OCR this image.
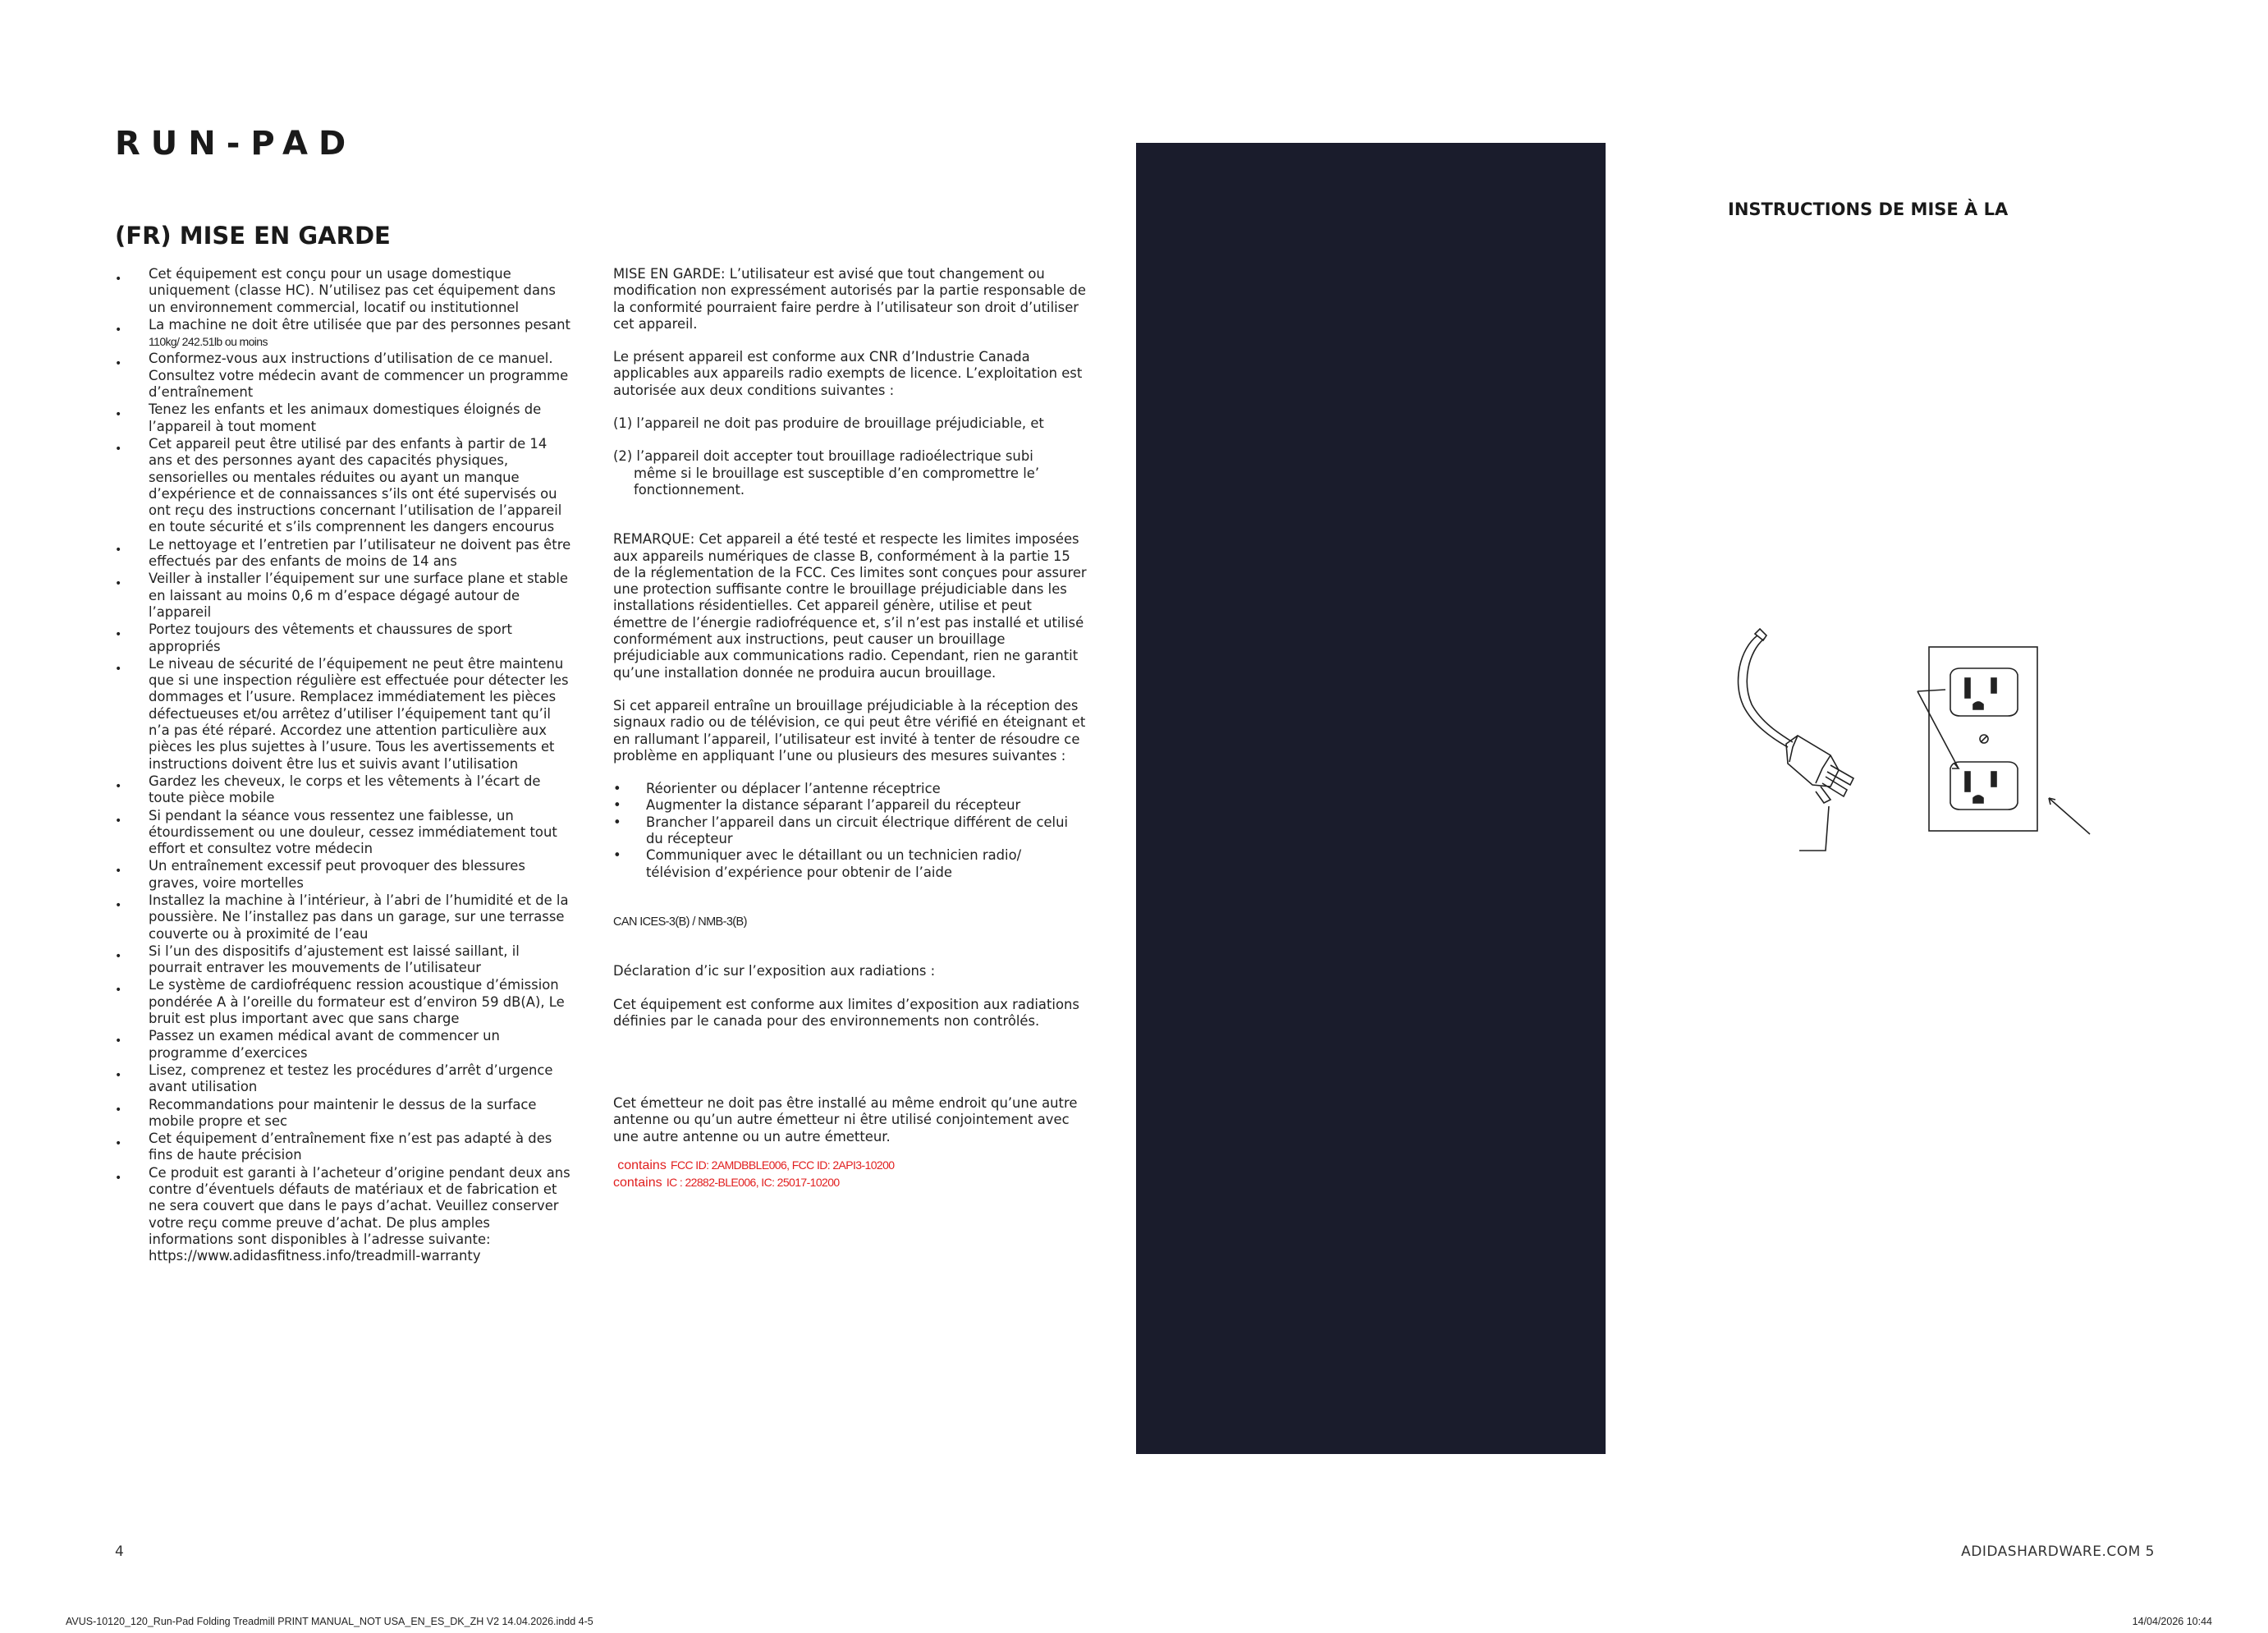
RUN-PAD
(FR) MISE EN GARDE
• Cet équipement est conçu pour un usage domestique uniquement (classe HC). N’utilisez pas cet équipement dans un environnement commercial, locatif ou institutionnel
• La machine ne doit être utilisée que par des personnes pesant
110kg/ 242.51lb ou moins
• Conformez-vous aux instructions d’utilisation de ce manuel. Consultez votre médecin avant de commencer un programme d’entraînement
• Tenez les enfants et les animaux domestiques éloignés de l’appareil à tout moment
• Cet appareil peut être utilisé par des enfants à partir de 14 ans et des personnes ayant des capacités physiques, sensorielles ou mentales réduites ou ayant un manque d’expérience et de connaissances s’ils ont été supervisés ou ont reçu des instructions concernant l’utilisation de l’appareil en toute sécurité et s’ils comprennent les dangers encourus
• Le nettoyage et l’entretien par l’utilisateur ne doivent pas être effectués par des enfants de moins de 14 ans
• Veiller à installer l’équipement sur une surface plane et stable en laissant au moins 0,6 m d’espace dégagé autour de l’appareil
• Portez toujours des vêtements et chaussures de sport appropriés
• Le niveau de sécurité de l’équipement ne peut être maintenu que si une inspection régulière est effectuée pour détecter les dommages et l’usure. Remplacez immédiatement les pièces défectueuses et/ou arrêtez d’utiliser l’équipement tant qu’il n’a pas été réparé. Accordez une attention particulière aux pièces les plus sujettes à l’usure. Tous les avertissements et instructions doivent être lus et suivis avant l’utilisation
• Gardez les cheveux, le corps et les vêtements à l’écart de toute pièce mobile
• Si pendant la séance vous ressentez une faiblesse, un étourdissement ou une douleur, cessez immédiatement tout effort et consultez votre médecin
• Un entraînement excessif peut provoquer des blessures graves, voire mortelles
• Installez la machine à l’intérieur, à l’abri de l’humidité et de la poussière. Ne l’installez pas dans un garage, sur une terrasse couverte ou à proximité de l’eau
• Si l’un des dispositifs d’ajustement est laissé saillant, il pourrait entraver les mouvements de l’utilisateur
• Le système de cardiofréquenc ression acoustique d’émission pondérée A à l’oreille du formateur est d’environ 59 dB(A), Le bruit est plus important avec que sans charge
• Passez un examen médical avant de commencer un programme d’exercices
• Lisez, comprenez et testez les procédures d’arrêt d’urgence avant utilisation
• Recommandations pour maintenir le dessus de la surface mobile propre et sec
• Cet équipement d’entraînement fixe n’est pas adapté à des fins de haute précision
• Ce produit est garanti à l’acheteur d’origine pendant deux ans contre d’éventuels défauts de matériaux et de fabrication et ne sera couvert que dans le pays d’achat. Veuillez conserver votre reçu comme preuve d’achat. De plus amples informations sont disponibles à l’adresse suivante: https://www.adidasfitness.info/treadmill-warranty

MISE EN GARDE: L’utilisateur est avisé que tout changement ou modification non expressément autorisés par la partie responsable de la conformité pourraient faire perdre à l’utilisateur son droit d’utiliser cet appareil.

Le présent appareil est conforme aux CNR d’Industrie Canada applicables aux appareils radio exempts de licence. L’exploitation est autorisée aux deux conditions suivantes :

(1) l’appareil ne doit pas produire de brouillage préjudiciable, et

(2) l’appareil doit accepter tout brouillage radioélectrique subi

même si le brouillage est susceptible d’en compromettre le’ fonctionnement.

REMARQUE: Cet appareil a été testé et respecte les limites imposées aux appareils numériques de classe B, conformément à la partie 15 de la réglementation de la FCC. Ces limites sont conçues pour assurer une protection suffisante contre le brouillage préjudiciable dans les installations résidentielles. Cet appareil génère, utilise et peut émettre de l’énergie radiofréquence et, s’il n’est pas installé et utilisé conformément aux instructions, peut causer un brouillage préjudiciable aux communications radio. Cependant, rien ne garantit qu’une installation donnée ne produira aucun brouillage.

Si cet appareil entraîne un brouillage préjudiciable à la réception des signaux radio ou de télévision, ce qui peut être vérifié en éteignant et en rallumant l’appareil, l’utilisateur est invité à tenter de résoudre ce problème en appliquant l’une ou plusieurs des mesures suivantes :

• Réorienter ou déplacer l’antenne réceptrice
• Augmenter la distance séparant l’appareil du récepteur
• Brancher l’appareil dans un circuit électrique différent de celui du récepteur
• Communiquer avec le détaillant ou un technicien radio/ télévision d’expérience pour obtenir de l’aide

CAN ICES-3(B) / NMB-3(B)

Déclaration d’ic sur l’exposition aux radiations :

Cet équipement est conforme aux limites d’exposition aux radiations définies par le canada pour des environnements non contrôlés.

Cet émetteur ne doit pas être installé au même endroit qu’une autre antenne ou qu’un autre émetteur ni être utilisé conjointement avec une autre antenne ou un autre émetteur.

contains FCC ID: 2AMDBBLE006, FCC ID: 2API3-10200

contains IC : 22882-BLE006, IC: 25017-10200

INSTRUCTIONS DE MISE À LA
4	ADIDASHARDWARE.COM 5
AVUS-10120_120_Run-Pad Folding Treadmill PRINT MANUAL_NOT USA_EN_ES_DK_ZH V2 14.04.2026.indd 4-5	14/04/2026 10:44
